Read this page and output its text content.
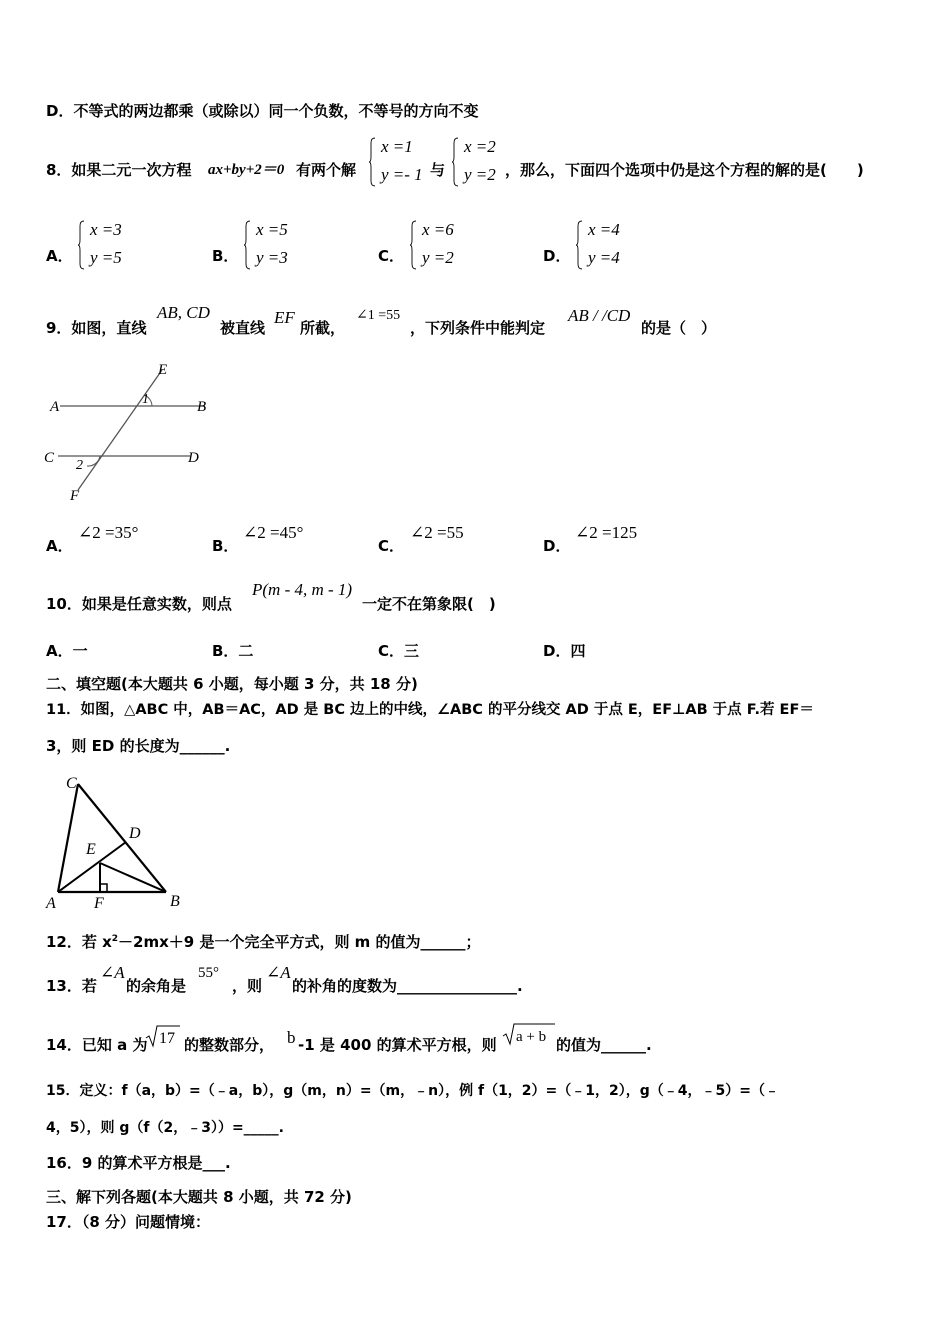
D．不等式的两边都乘（或除以）同一个负数，不等号的方向不变
8．如果二元一次方程 ax+by+2＝0 有两个解
x =1
y =- 1 与
x =2
y =2 ，那么，下面四个选项中仍是这个方程的解的是(　　)
A．
x =3
y =5	B．
x =5
y =3	C．
x =6
y =2	D．
x =4
y =4
9．如图，直线
AB, CD
被直线
EF
所截，
∠1 =55
，下列条件中能判定
AB / /CD
的是（　）
E
A	1	B
C 2	D
F
A．
∠2 =35°
B．
∠2 =45°
C．
∠2 =55
D．
∠2 =125
10．如果是任意实数，则点
P(m - 4, m - 1)
一定不在第象限(　)
A．一	B．二	C．三	D．四
二、填空题(本大题共 6 小题，每小题 3 分，共 18 分)
11．如图，△ABC 中，AB＝AC，AD 是 BC 边上的中线，∠ABC 的平分线交 AD 于点 E，EF⊥AB 于点 F.若 EF＝
3，则 ED 的长度为______.
C
D
E
A F	B
12．若 $x^2-2mx+9$ 是一个完全平方式，则 m 的值为______；
13．若
∠A
的余角是
55°
，则
∠A
的补角的度数为________________.
14．已知 a 为 17 的整数部分， b -1 是 400 的算术平方根，则 a + b 的值为______.
15．定义：f（a，b）=（﹣a，b），g（m，n）=（m，﹣n），例 f（1，2）=（﹣1，2），g（﹣4，﹣5）=（﹣
4，5），则 g（f（2，﹣3））=_____.
16．9 的算术平方根是___.
三、解下列各题(本大题共 8 小题，共 72 分)
17．（8 分）问题情境：
